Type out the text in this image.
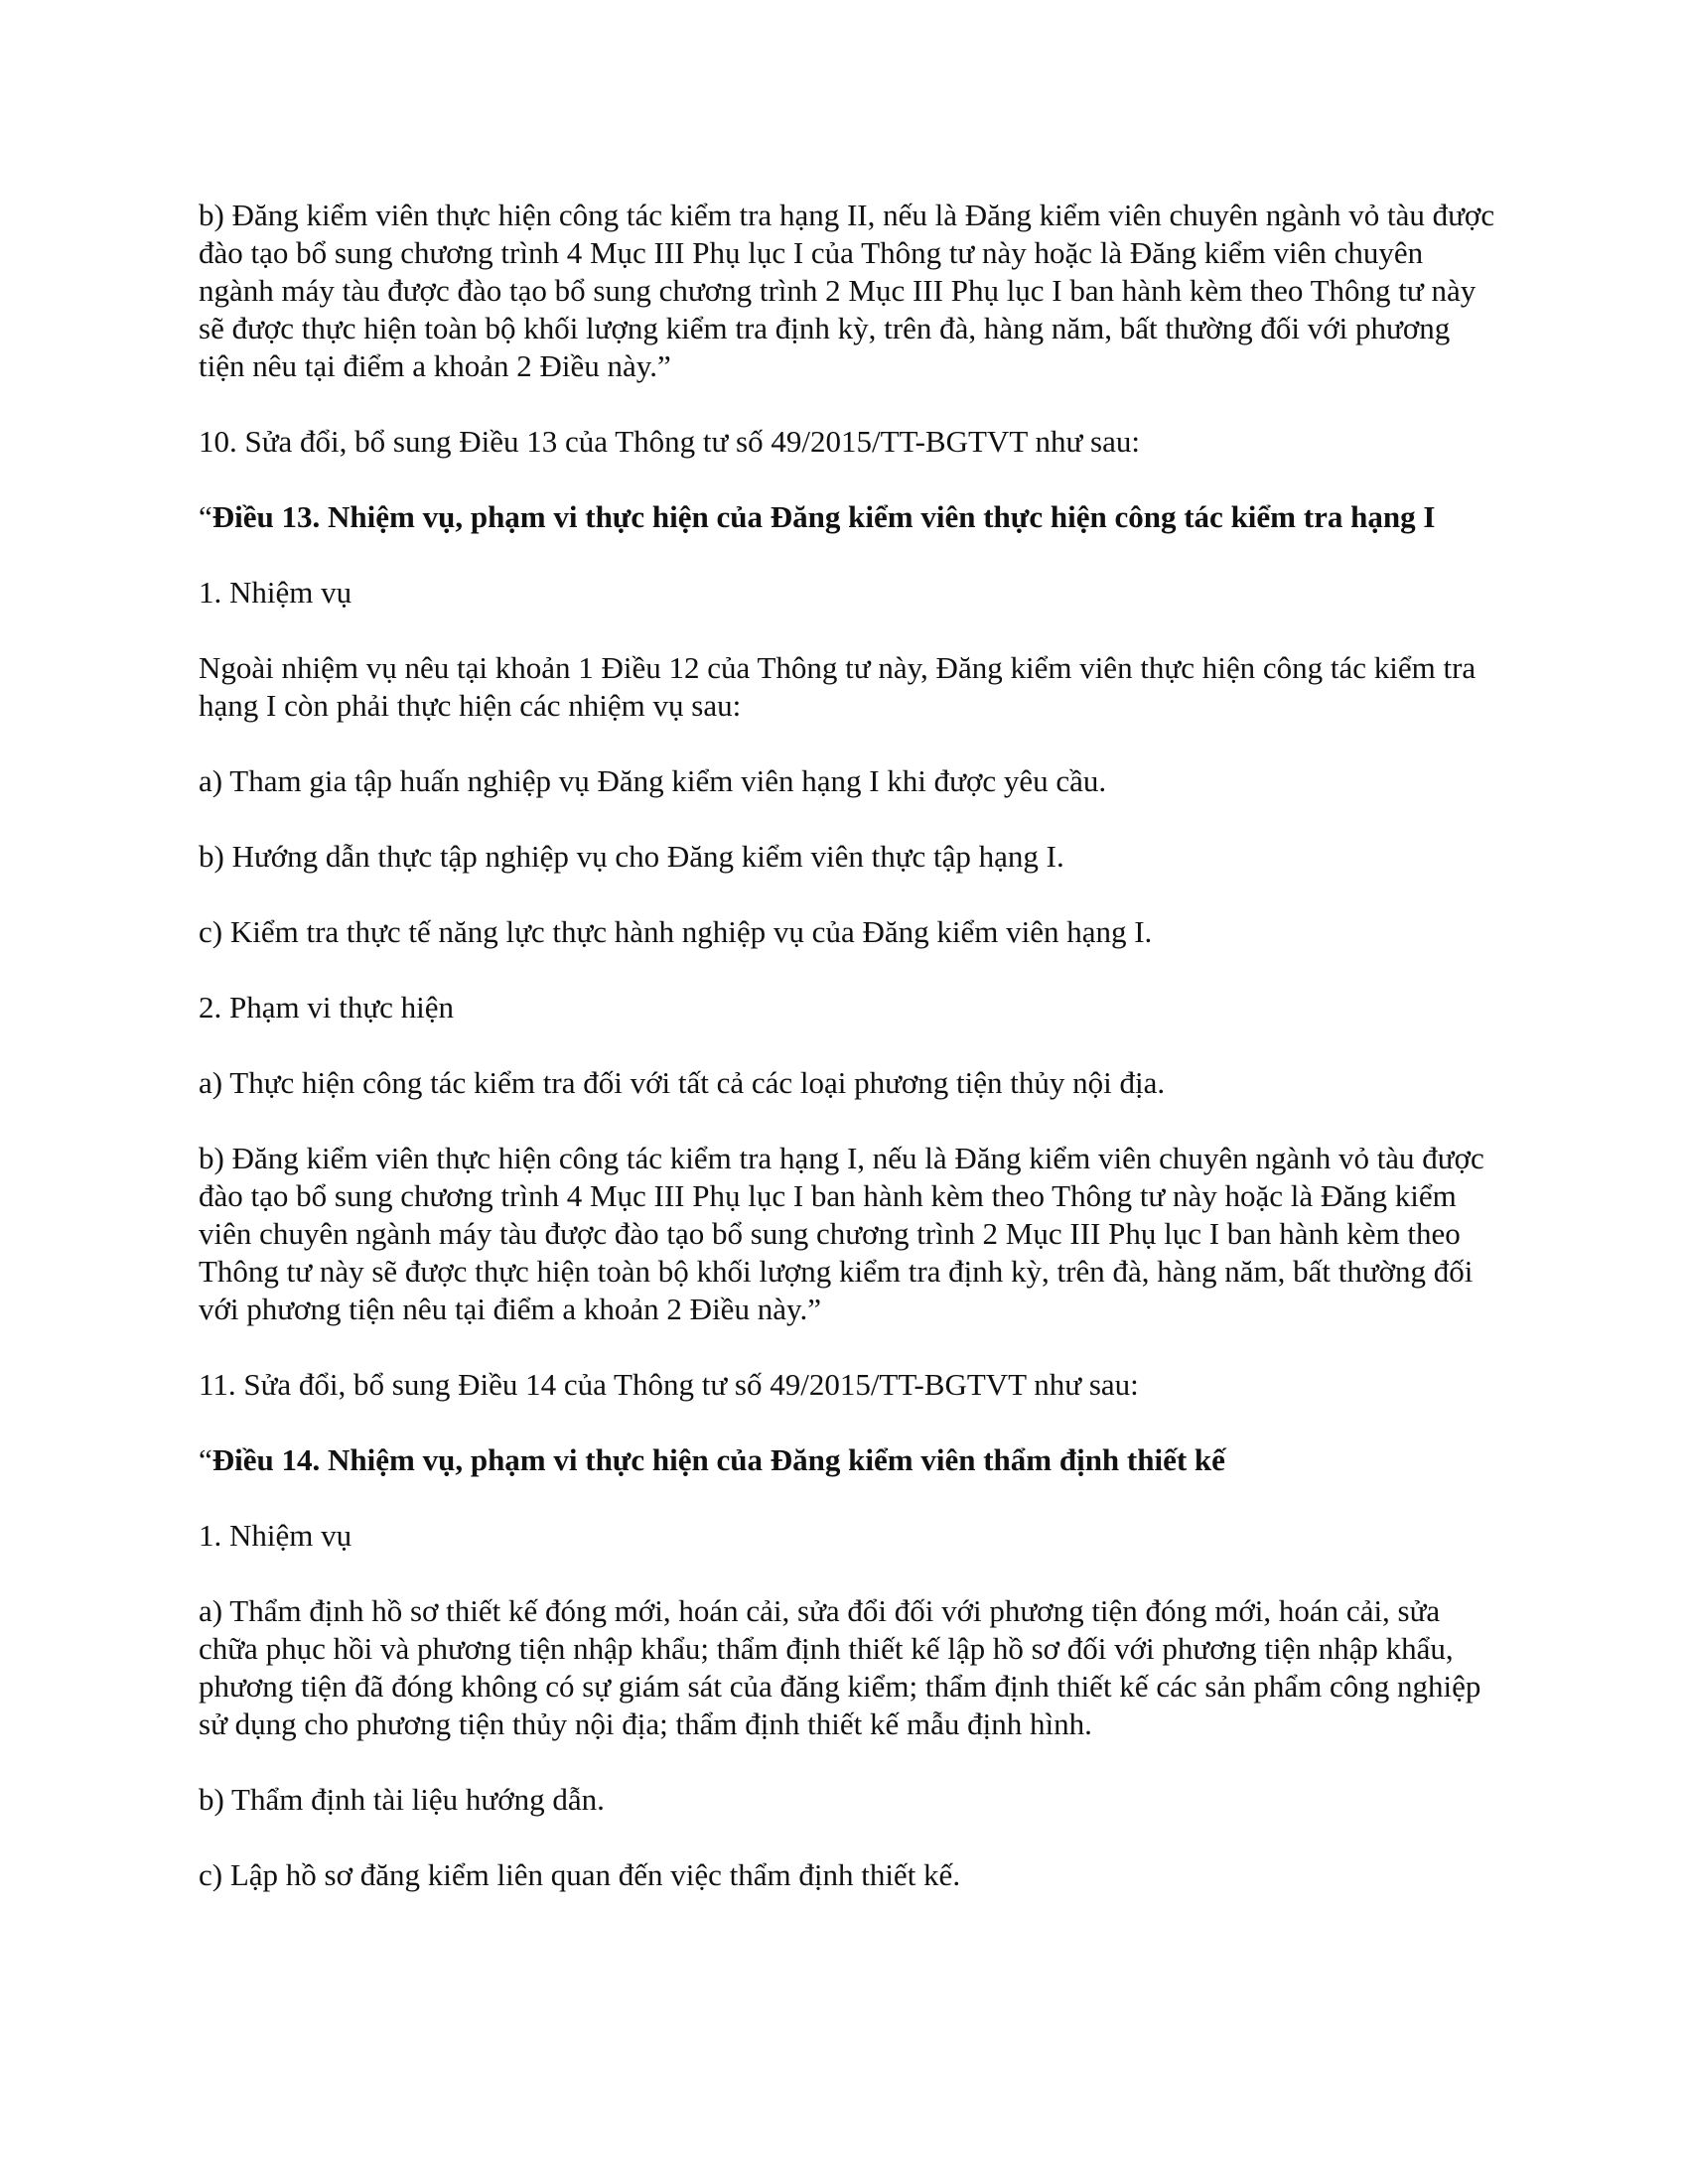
b) Đăng kiểm viên thực hiện công tác kiểm tra hạng II, nếu là Đăng kiểm viên chuyên ngành vỏ tàu được đào tạo bổ sung chương trình 4 Mục III Phụ lục I của Thông tư này hoặc là Đăng kiểm viên chuyên ngành máy tàu được đào tạo bổ sung chương trình 2 Mục III Phụ lục I ban hành kèm theo Thông tư này sẽ được thực hiện toàn bộ khối lượng kiểm tra định kỳ, trên đà, hàng năm, bất thường đối với phương tiện nêu tại điểm a khoản 2 Điều này.”

10. Sửa đổi, bổ sung Điều 13 của Thông tư số 49/2015/TT-BGTVT như sau:

“Điều 13. Nhiệm vụ, phạm vi thực hiện của Đăng kiểm viên thực hiện công tác kiểm tra hạng I

1. Nhiệm vụ

Ngoài nhiệm vụ nêu tại khoản 1 Điều 12 của Thông tư này, Đăng kiểm viên thực hiện công tác kiểm tra hạng I còn phải thực hiện các nhiệm vụ sau:

a) Tham gia tập huấn nghiệp vụ Đăng kiểm viên hạng I khi được yêu cầu.

b) Hướng dẫn thực tập nghiệp vụ cho Đăng kiểm viên thực tập hạng I.

c) Kiểm tra thực tế năng lực thực hành nghiệp vụ của Đăng kiểm viên hạng I.

2. Phạm vi thực hiện

a) Thực hiện công tác kiểm tra đối với tất cả các loại phương tiện thủy nội địa.

b) Đăng kiểm viên thực hiện công tác kiểm tra hạng I, nếu là Đăng kiểm viên chuyên ngành vỏ tàu được đào tạo bổ sung chương trình 4 Mục III Phụ lục I ban hành kèm theo Thông tư này hoặc là Đăng kiểm viên chuyên ngành máy tàu được đào tạo bổ sung chương trình 2 Mục III Phụ lục I ban hành kèm theo Thông tư này sẽ được thực hiện toàn bộ khối lượng kiểm tra định kỳ, trên đà, hàng năm, bất thường đối với phương tiện nêu tại điểm a khoản 2 Điều này.”

11. Sửa đổi, bổ sung Điều 14 của Thông tư số 49/2015/TT-BGTVT như sau:

“Điều 14. Nhiệm vụ, phạm vi thực hiện của Đăng kiểm viên thẩm định thiết kế

1. Nhiệm vụ

a) Thẩm định hồ sơ thiết kế đóng mới, hoán cải, sửa đổi đối với phương tiện đóng mới, hoán cải, sửa chữa phục hồi và phương tiện nhập khẩu; thẩm định thiết kế lập hồ sơ đối với phương tiện nhập khẩu, phương tiện đã đóng không có sự giám sát của đăng kiểm; thẩm định thiết kế các sản phẩm công nghiệp sử dụng cho phương tiện thủy nội địa; thẩm định thiết kế mẫu định hình.

b) Thẩm định tài liệu hướng dẫn.

c) Lập hồ sơ đăng kiểm liên quan đến việc thẩm định thiết kế.
